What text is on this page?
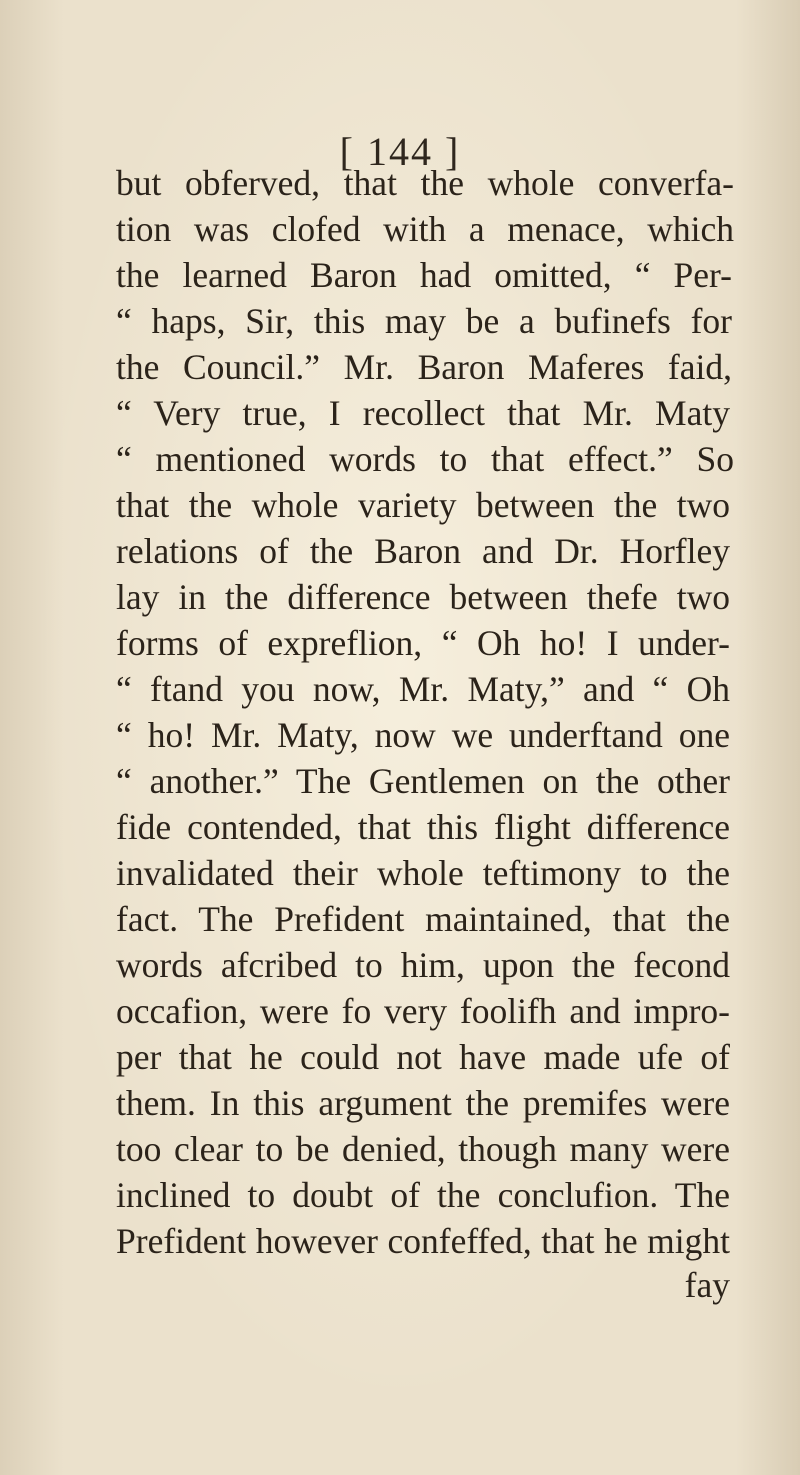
[ 144 ]

but obferved, that the whole converfa-
tion was clofed with a menace, which
the learned Baron had omitted, “ Per-
“ haps, Sir, this may be a bufinefs for
the Council.” Mr. Baron Maferes faid,
“ Very true, I recollect that Mr. Maty
“ mentioned words to that effect.” So
that the whole variety between the two
relations of the Baron and Dr. Horfley
lay in the difference between thefe two
forms of expreflion, “ Oh ho! I under-
“ ftand you now, Mr. Maty,” and “ Oh
“ ho! Mr. Maty, now we underftand one
“ another.” The Gentlemen on the other
fide contended, that this flight difference
invalidated their whole teftimony to the
fact. The Prefident maintained, that the
words afcribed to him, upon the fecond
occafion, were fo very foolifh and impro-
per that he could not have made ufe of
them. In this argument the premifes were
too clear to be denied, though many were
inclined to doubt of the conclufion. The
Prefident however confeffed, that he might
fay
